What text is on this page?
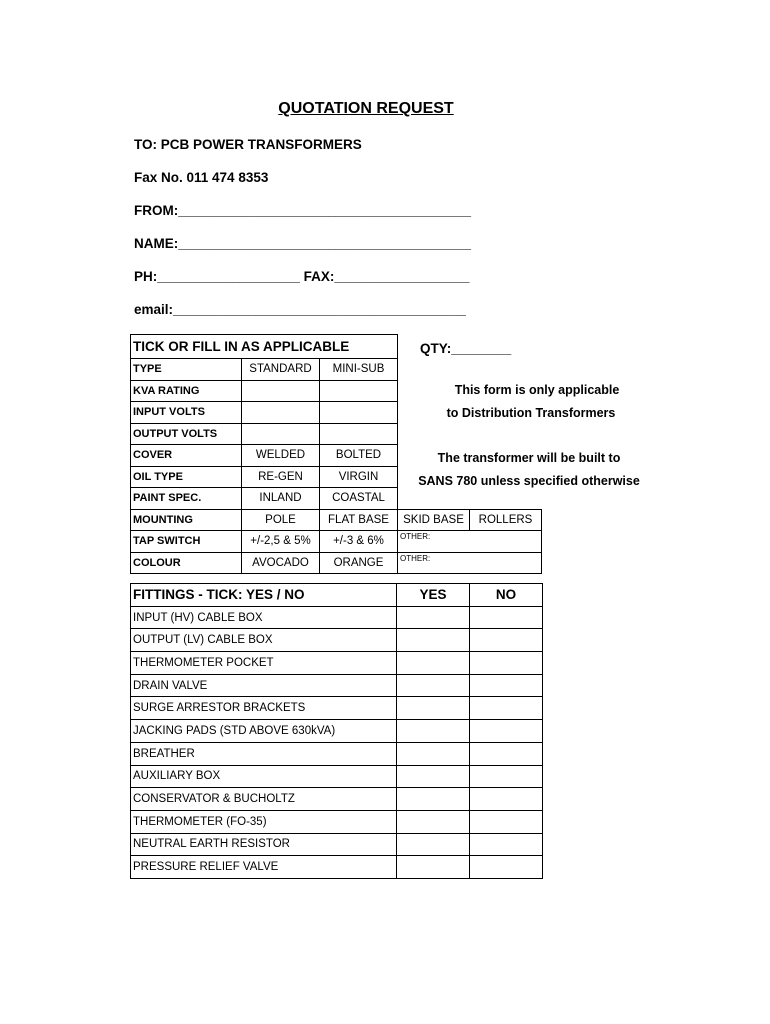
QUOTATION REQUEST
TO: PCB POWER TRANSFORMERS
Fax No. 011 474 8353
FROM:_______________________________________
NAME:_______________________________________
PH:___________________ FAX:__________________
email:_______________________________________
QTY:________
This form is only applicable
to Distribution Transformers
The transformer will be built to
SANS 780 unless specified otherwise
TICK OR FILL IN AS APPLICABLE				
TYPE	STANDARD	MINI-SUB		
KVA RATING				
INPUT VOLTS				
OUTPUT VOLTS				
COVER	WELDED	BOLTED		
OIL TYPE	RE-GEN	VIRGIN		
PAINT SPEC.	INLAND	COASTAL		
MOUNTING	POLE	FLAT BASE	SKID BASE	ROLLERS
TAP SWITCH	+/-2,5 & 5%	+/-3 & 6%	OTHER:	
COLOUR	AVOCADO	ORANGE	OTHER:	
FITTINGS - TICK: YES / NO	YES	NO
INPUT (HV) CABLE BOX		
OUTPUT (LV) CABLE BOX		
THERMOMETER POCKET		
DRAIN VALVE		
SURGE ARRESTOR BRACKETS		
JACKING PADS (STD ABOVE 630kVA)		
BREATHER		
AUXILIARY BOX		
CONSERVATOR & BUCHOLTZ		
THERMOMETER (FO-35)		
NEUTRAL EARTH RESISTOR		
PRESSURE RELIEF VALVE		
